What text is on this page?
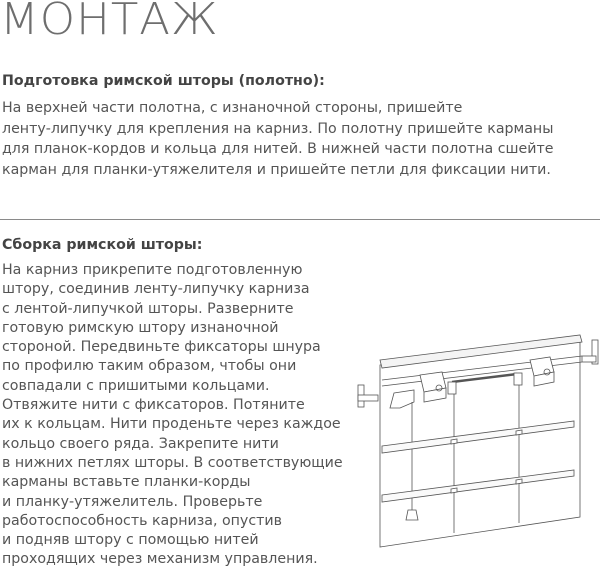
МОНТАЖ
Подготовка римской шторы (полотно):
На верхней части полотна, с изнаночной стороны, пришейте
ленту-липучку для крепления на карниз. По полотну пришейте карманы
для планок-кордов и кольца для нитей. В нижней части полотна сшейте
карман для планки-утяжелителя и пришейте петли для фиксации нити.
Сборка римской шторы:
На карниз прикрепите подготовленную
штору, соединив ленту-липучку карниза
с лентой-липучкой шторы. Разверните
готовую римскую штору изнаночной
стороной. Передвиньте фиксаторы шнура
по профилю таким образом, чтобы они
совпадали с пришитыми кольцами.
Отвяжите нити с фиксаторов. Потяните
их к кольцам. Нити проденьте через каждое
кольцо своего ряда. Закрепите нити
в нижних петлях шторы. В соответствующие
карманы вставьте планки-корды
и планку-утяжелитель. Проверьте
работоспособность карниза, опустив
и подняв штору с помощью нитей
проходящих через механизм управления.
